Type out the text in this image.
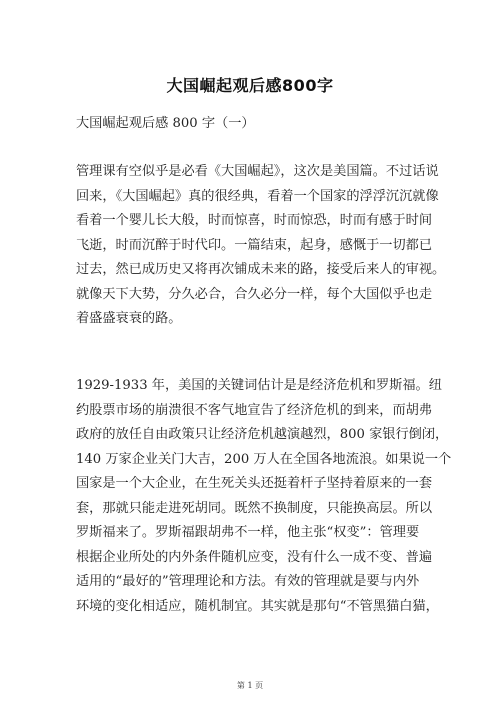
大国崛起观后感800字
大国崛起观后感 800 字（一）
管理课有空似乎是必看《大国崛起》，这次是美国篇。不过话说
回来，《大国崛起》真的很经典，看着一个国家的浮浮沉沉就像
看着一个婴儿长大般，时而惊喜，时而惊恐，时而有感于时间
飞逝，时而沉醉于时代印。一篇结束，起身，感慨于一切都已
过去，然已成历史又将再次铺成未来的路，接受后来人的审视。
就像天下大势，分久必合，合久必分一样，每个大国似乎也走
着盛盛衰衰的路。
1929-1933 年，美国的关键词估计是是经济危机和罗斯福。纽
约股票市场的崩溃很不客气地宣告了经济危机的到来，而胡弗
政府的放任自由政策只让经济危机越演越烈，800 家银行倒闭，
140 万家企业关门大吉，200 万人在全国各地流浪。如果说一个
国家是一个大企业，在生死关头还挺着杆子坚持着原来的一套
套，那就只能走进死胡同。既然不换制度，只能换高层。所以
罗斯福来了。罗斯福跟胡弗不一样，他主张“权变”：管理要
根据企业所处的内外条件随机应变，没有什么一成不变、普遍
适用的“最好的”管理理论和方法。有效的管理就是要与内外
环境的变化相适应，随机制宜。其实就是那句“不管黑猫白猫，
第 1 页
